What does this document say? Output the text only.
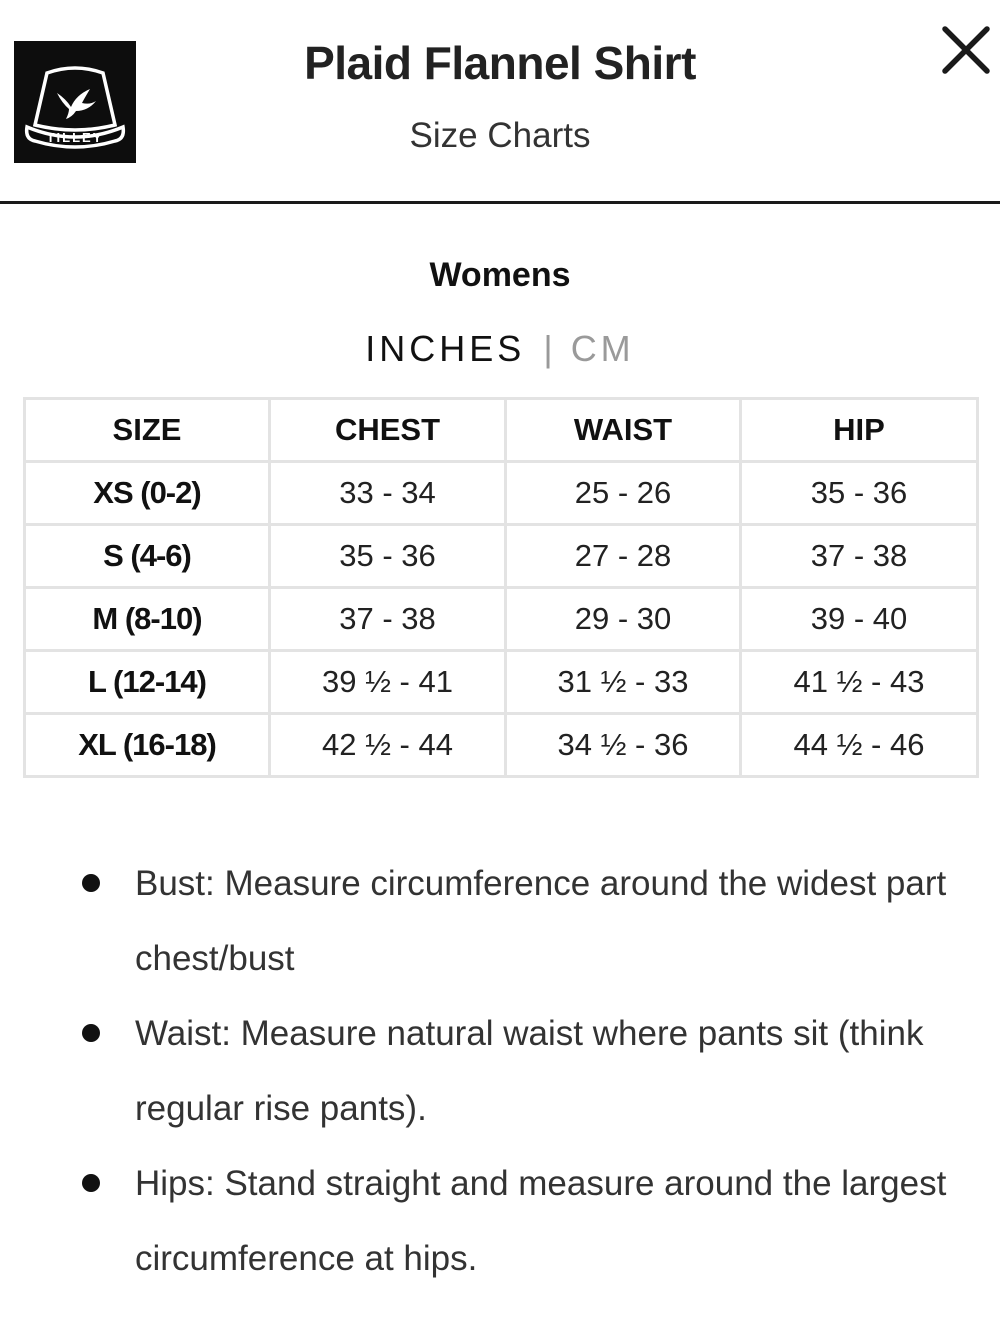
TILLEY
Plaid Flannel Shirt
Size Charts
Womens
INCHES | CM
SIZE	CHEST	WAIST	HIP
XS (0-2)	33 - 34	25 - 26	35 - 36
S (4-6)	35 - 36	27 - 28	37 - 38
M (8-10)	37 - 38	29 - 30	39 - 40
L (12-14)	39 ½ - 41	31 ½ - 33	41 ½ - 43
XL (16-18)	42 ½ - 44	34 ½ - 36	44 ½ - 46
Bust: Measure circumference around the widest part chest/bust
Waist: Measure natural waist where pants sit (think regular rise pants).
Hips: Stand straight and measure around the largest circumference at hips.
